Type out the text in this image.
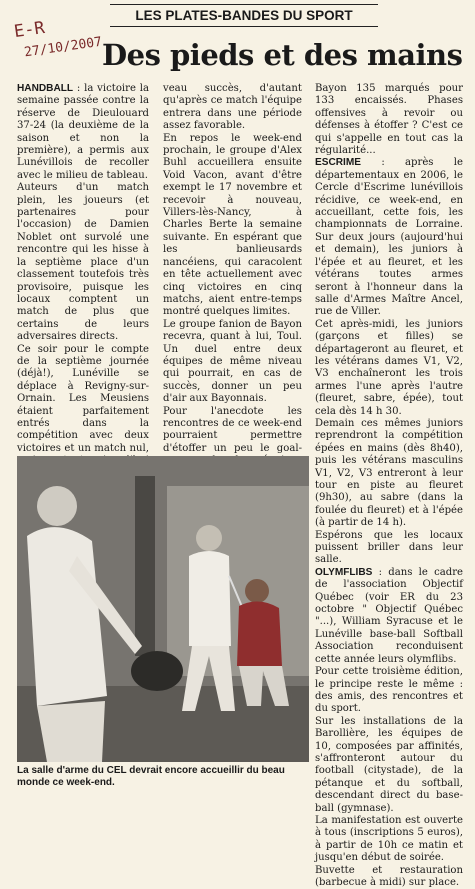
E-R
27/10/2007
LES PLATES-BANDES DU SPORT
Des pieds et des mains

HANDBALL : la victoire la semaine passée contre la réserve de Dieulouard 37-24 (la deuxième de la saison et non la première), a permis aux Lunévillois de recoller avec le milieu de tableau.

Auteurs d'un match plein, les joueurs (et partenaires pour l'occasion) de Damien Noblet ont survolé une rencontre qui les hisse à la septième place d'un classement toutefois très provisoire, puisque les locaux comptent un match de plus que certains de leurs adversaires directs.

Ce soir pour le compte de la septième journée (déjà!), Lunéville se déplace à Revigny-sur-Ornain. Les Meusiens étaient parfaitement entrés dans la compétition avec deux victoires et un match nul,

veau succès, d'autant qu'après ce match l'équipe entrera dans une période assez favorable.

En repos le week-end prochain, le groupe d'Alex Buhl accueillera ensuite Void Vacon, avant d'être exempt le 17 novembre et recevoir à nouveau, Villers-lès-Nancy, à Charles Berte la semaine suivante. En espérant que les banlieusards nancéiens, qui caracolent en tête actuellement avec cinq victoires en cinq matchs, aient entre-temps montré quelques limites.

Le groupe fanion de Bayon recevra, quant à lui, Toul. Un duel entre deux équipes de même niveau qui pourrait, en cas de succès, donner un peu d'air aux Bayonnais.

Pour l'anecdote les rencontres de ce week-end pourraient permettre d'étoffer un peu le goal-

Bayon 135 marqués pour 133 encaissés. Phases offensives à revoir ou défenses à étoffer ? C'est ce qui s'appelle en tout cas la régularité...

ESCRIME : après le départementaux en 2006, le Cercle d'Escrime lunévillois récidive, ce week-end, en accueillant, cette fois, les championnats de Lorraine. Sur deux jours (aujourd'hui et demain), les juniors à l'épée et au fleuret, et les vétérans toutes armes seront à l'honneur dans la salle d'Armes Maître Ancel, rue de Viller.

Cet après-midi, les juniors (garçons et filles) se départageront au fleuret, et les vétérans dames V1, V2, V3 enchaîneront les trois armes l'une après l'autre (fleuret, sabre, épée), tout cela dès 14 h 30.

Demain ces mêmes juniors reprendront la compétition épées en mains (dès 8h40), puis les vétérans masculins V1, V2, V3 entreront à leur tour en piste au fleuret (9h30), au sabre (dans la foulée du fleuret) et à l'épée (à partir de 14 h).

Espérons que les locaux puissent briller dans leur salle.

OLYMFLIBS : dans le cadre de l'association Objectif Québec (voir ER du 23 octobre " Objectif Québec "...), William Syracuse et le Lunéville base-ball Softball Association reconduisent cette année leurs olymflibs.

Pour cette troisième édition, le principe reste le même : des amis, des rencontres et du sport.

Sur les installations de la Barollière, les équipes de 10, composées par affinités, s'affronteront autour du football (citystade), de la pétanque et du softball, descendant direct du base-ball (gymnase).

La manifestation est ouverte à tous (inscriptions 5 euros), à partir de 10h ce matin et jusqu'en début de soirée.

Buvette et restauration (barbecue à midi) sur place.

La salle d'arme du CEL devrait encore accueillir du beau monde ce week-end.
